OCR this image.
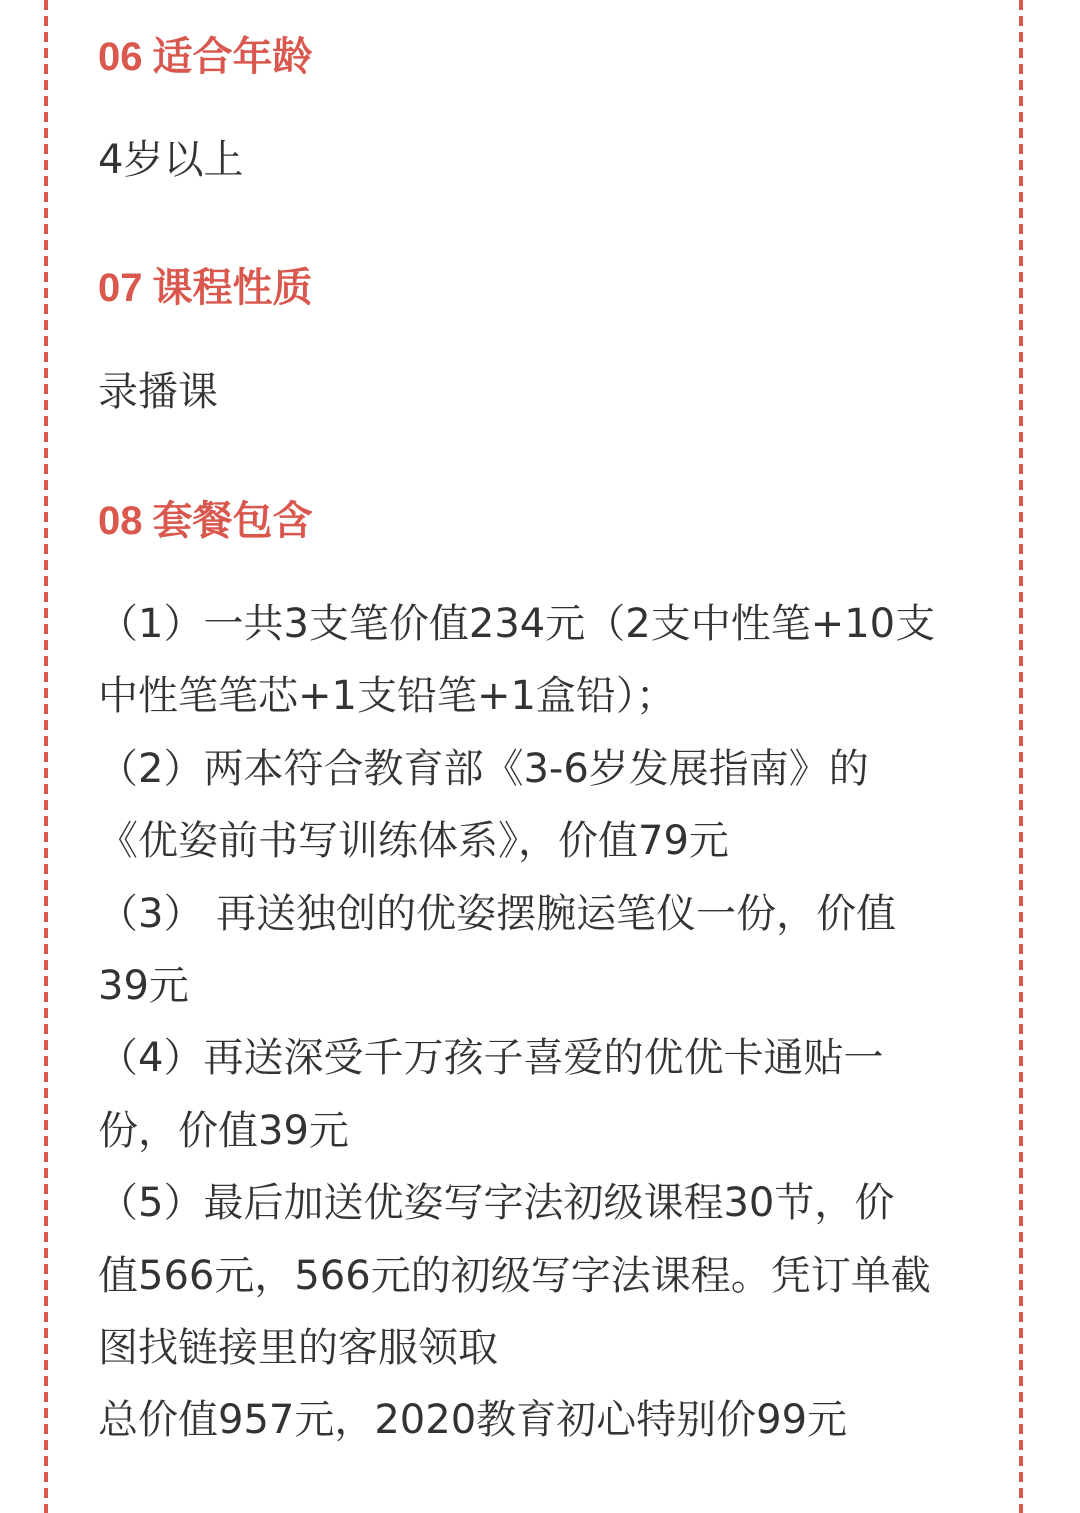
06 适合年龄

4岁以上

07 课程性质

录播课

08 套餐包含
（1）一共3支笔价值234元（2支中性笔+10支
中性笔笔芯+1支铅笔+1盒铅）；
（2）两本符合教育部《3-6岁发展指南》的
《优姿前书写训练体系》，价值79元
（3） 再送独创的优姿摆腕运笔仪一份，价值
39元
（4）再送深受千万孩子喜爱的优优卡通贴一
份，价值39元
（5）最后加送优姿写字法初级课程30节，价
值566元，566元的初级写字法课程。凭订单截
图找链接里的客服领取
总价值957元，2020教育初心特别价99元
